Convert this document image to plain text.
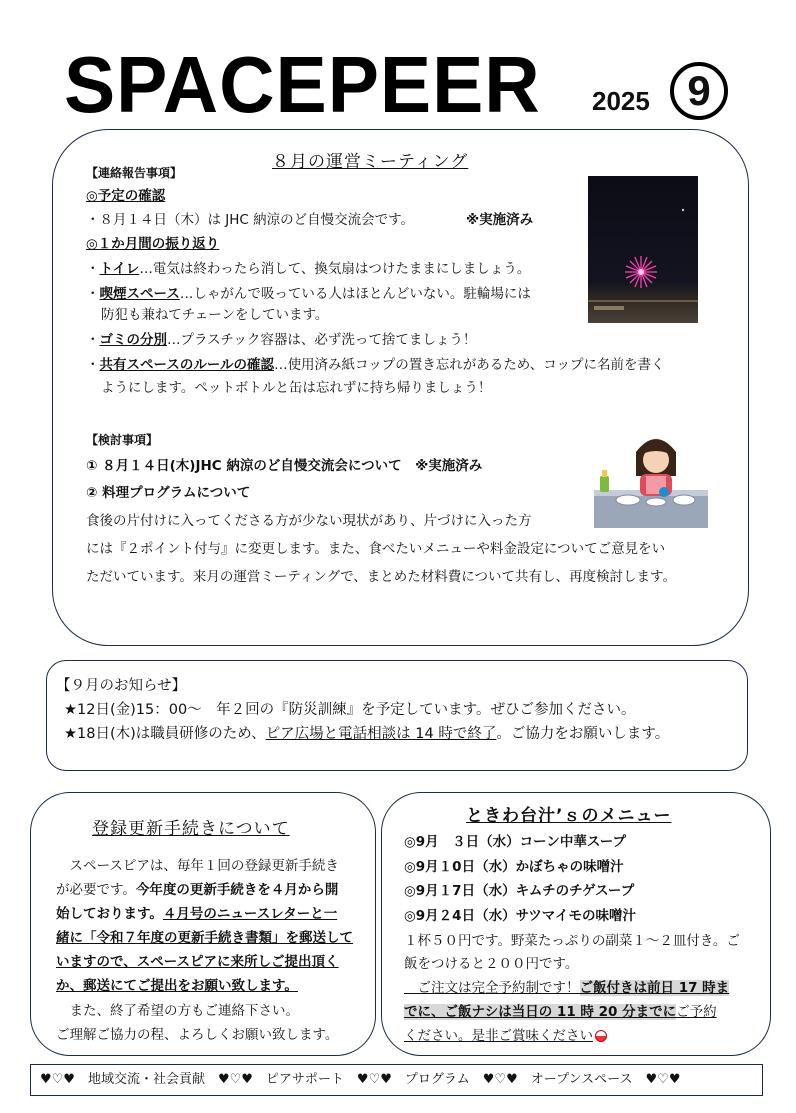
SPACEPEER 2025 9
８月の運営ミーティング
【連絡報告事項】
◎予定の確認
・８月１４日（木）は JHC 納涼のど自慢交流会です。	※実施済み
◎１か月間の振り返り
・トイレ…電気は終わったら消して、換気扇はつけたままにしましょう。
・喫煙スペース…しゃがんで吸っている人はほとんどいない。駐輪場には
防犯も兼ねてチェーンをしています。
・ゴミの分別…プラスチック容器は、必ず洗って捨てましょう！
・共有スペースのルールの確認…使用済み紙コップの置き忘れがあるため、コップに名前を書く
ようにします。ペットボトルと缶は忘れずに持ち帰りましょう！
【検討事項】
① ８月１４日(木)JHC 納涼のど自慢交流会について　※実施済み
② 料理プログラムについて
食後の片付けに入ってくださる方が少ない現状があり、片づけに入った方
には『２ポイント付与』に変更します。また、食べたいメニューや料金設定についてご意見をい
ただいています。来月の運営ミーティングで、まとめた材料費について共有し、再度検討します。
【９月のお知らせ】
★12日(金)15：00～　年２回の『防災訓練』を予定しています。ぜひご参加ください。
★18日(木)は職員研修のため、ピア広場と電話相談は 14 時で終了。ご協力をお願いします。
登録更新手続きについて
　スペースピアは、毎年１回の登録更新手続き
が必要です。今年度の更新手続きを４月から開
始しております。４月号のニュースレターと一
緒に「令和７年度の更新手続き書類」を郵送して
いますので、スペースピアに来所しご提出頂く
か、郵送にてご提出をお願い致します。
　また、終了希望の方もご連絡下さい。
ご理解ご協力の程、よろしくお願い致します。
ときわ台汁’ｓのメニュー
◎9月　３日（水）コーン中華スープ
◎9月１0日（水）かぼちゃの味噌汁
◎9月１7日（水）キムチのチゲスープ
◎9月２4日（水）サツマイモの味噌汁
１杯５０円です。野菜たっぷりの副菜１～２皿付き。ご
飯をつけると２００円です。
　ご注文は完全予約制です！ご飯付きは前日 17 時ま
でに、ご飯ナシは当日の 11 時 20 分までにご予約
ください。是非ご賞味ください
♥♡♥　地域交流・社会貢献　♥♡♥　ピアサポート　♥♡♥　プログラム　♥♡♥　オープンスペース　♥♡♥
